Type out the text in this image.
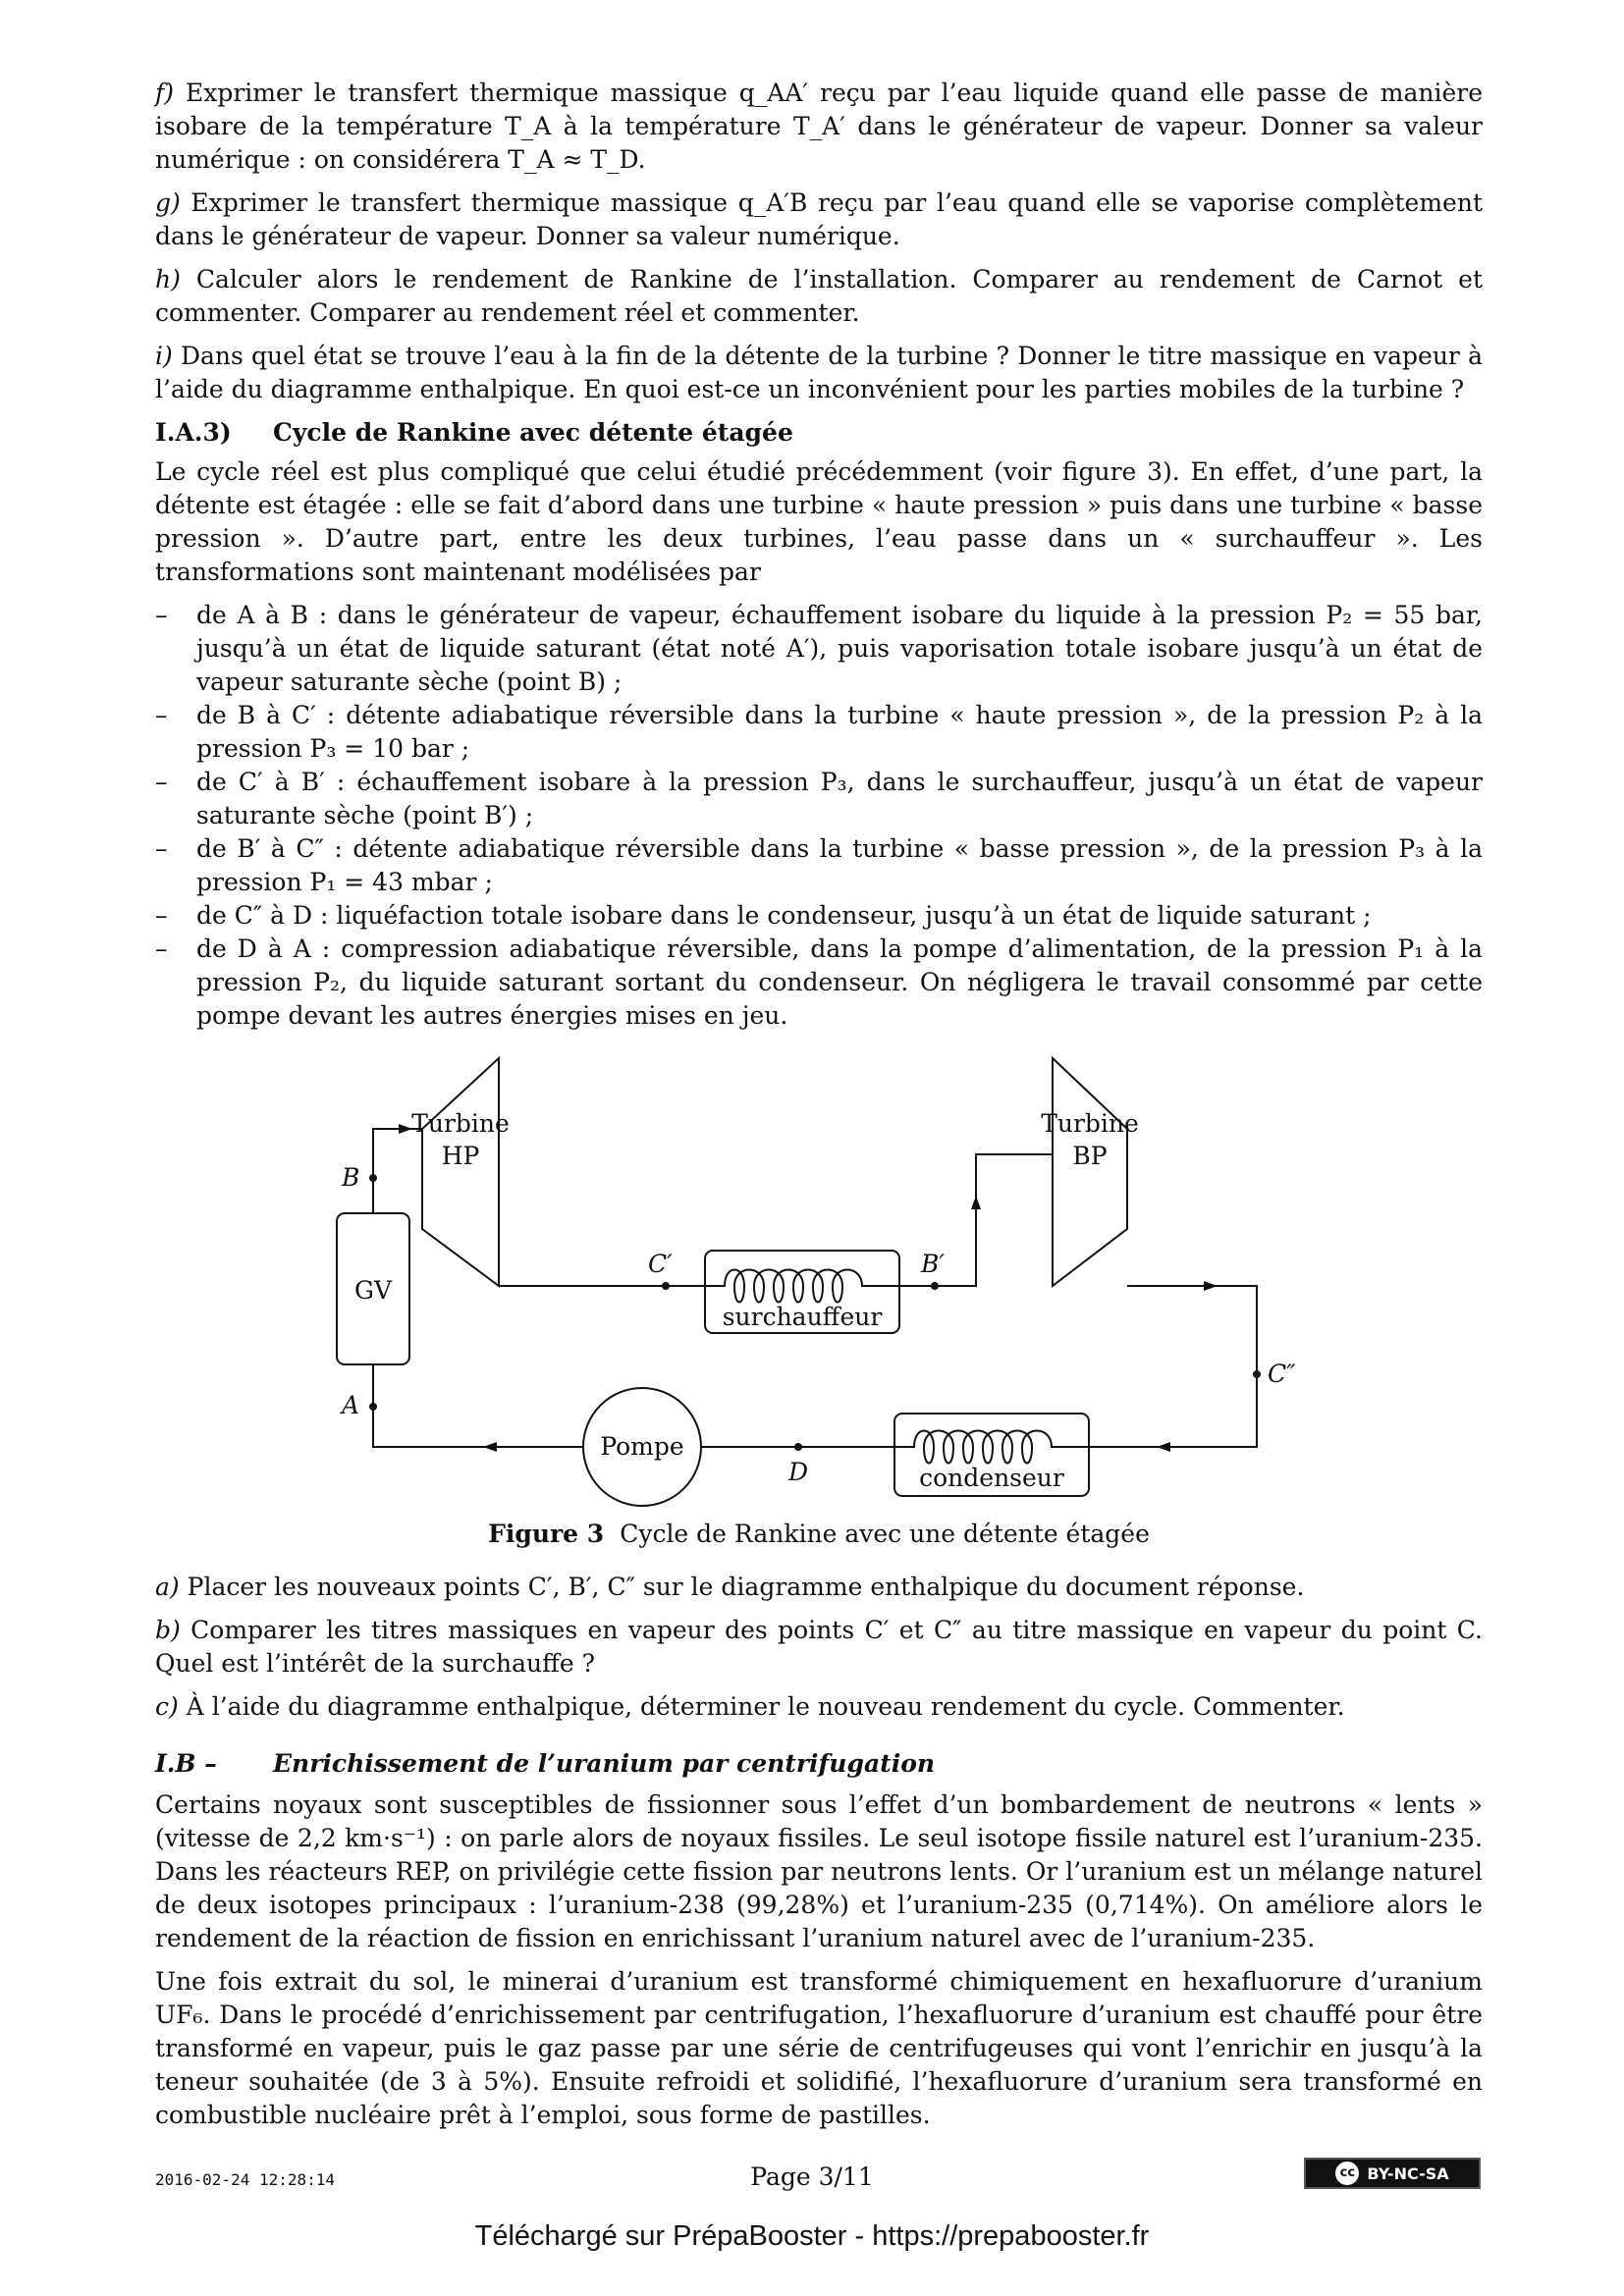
f) Exprimer le transfert thermique massique q_AA′ reçu par l’eau liquide quand elle passe de manière isobare de la température T_A à la température T_A′ dans le générateur de vapeur. Donner sa valeur numérique : on considérera T_A ≈ T_D.

g) Exprimer le transfert thermique massique q_A′B reçu par l’eau quand elle se vaporise complètement dans le générateur de vapeur. Donner sa valeur numérique.

h) Calculer alors le rendement de Rankine de l’installation. Comparer au rendement de Carnot et commenter. Comparer au rendement réel et commenter.

i) Dans quel état se trouve l’eau à la fin de la détente de la turbine ? Donner le titre massique en vapeur à l’aide du diagramme enthalpique. En quoi est-ce un inconvénient pour les parties mobiles de la turbine ?

I.A.3) Cycle de Rankine avec détente étagée

Le cycle réel est plus compliqué que celui étudié précédemment (voir figure 3). En effet, d’une part, la détente est étagée : elle se fait d’abord dans une turbine « haute pression » puis dans une turbine « basse pression ». D’autre part, entre les deux turbines, l’eau passe dans un « surchauffeur ». Les transformations sont maintenant modélisées par

– de A à B : dans le générateur de vapeur, échauffement isobare du liquide à la pression P₂ = 55 bar, jusqu’à un état de liquide saturant (état noté A′), puis vaporisation totale isobare jusqu’à un état de vapeur saturante sèche (point B) ;
– de B à C′ : détente adiabatique réversible dans la turbine « haute pression », de la pression P₂ à la pression P₃ = 10 bar ;
– de C′ à B′ : échauffement isobare à la pression P₃, dans le surchauffeur, jusqu’à un état de vapeur saturante sèche (point B′) ;
– de B′ à C″ : détente adiabatique réversible dans la turbine « basse pression », de la pression P₃ à la pression P₁ = 43 mbar ;
– de C″ à D : liquéfaction totale isobare dans le condenseur, jusqu’à un état de liquide saturant ;
– de D à A : compression adiabatique réversible, dans la pompe d’alimentation, de la pression P₁ à la pression P₂, du liquide saturant sortant du condenseur. On négligera le travail consommé par cette pompe devant les autres énergies mises en jeu.
Turbine
HP
Turbine
BP
GV
surchauffeur
condenseur
Pompe
B
A
C′	B′
C″
D
Figure 3 Cycle de Rankine avec une détente étagée

a) Placer les nouveaux points C′, B′, C″ sur le diagramme enthalpique du document réponse.

b) Comparer les titres massiques en vapeur des points C′ et C″ au titre massique en vapeur du point C. Quel est l’intérêt de la surchauffe ?

c) À l’aide du diagramme enthalpique, déterminer le nouveau rendement du cycle. Commenter.

I.B – Enrichissement de l’uranium par centrifugation

Certains noyaux sont susceptibles de fissionner sous l’effet d’un bombardement de neutrons « lents » (vitesse de 2,2 km·s⁻¹) : on parle alors de noyaux fissiles. Le seul isotope fissile naturel est l’uranium-235. Dans les réacteurs REP, on privilégie cette fission par neutrons lents. Or l’uranium est un mélange naturel de deux isotopes principaux : l’uranium-238 (99,28%) et l’uranium-235 (0,714%). On améliore alors le rendement de la réaction de fission en enrichissant l’uranium naturel avec de l’uranium-235.

Une fois extrait du sol, le minerai d’uranium est transformé chimiquement en hexafluorure d’uranium UF₆. Dans le procédé d’enrichissement par centrifugation, l’hexafluorure d’uranium est chauffé pour être transformé en vapeur, puis le gaz passe par une série de centrifugeuses qui vont l’enrichir en jusqu’à la teneur souhaitée (de 3 à 5%). Ensuite refroidi et solidifié, l’hexafluorure d’uranium sera transformé en combustible nucléaire prêt à l’emploi, sous forme de pastilles.

2016-02-24 12:28:14	Page 3/11	cc BY-NC-SA
Téléchargé sur PrépaBooster - https://prepabooster.fr
